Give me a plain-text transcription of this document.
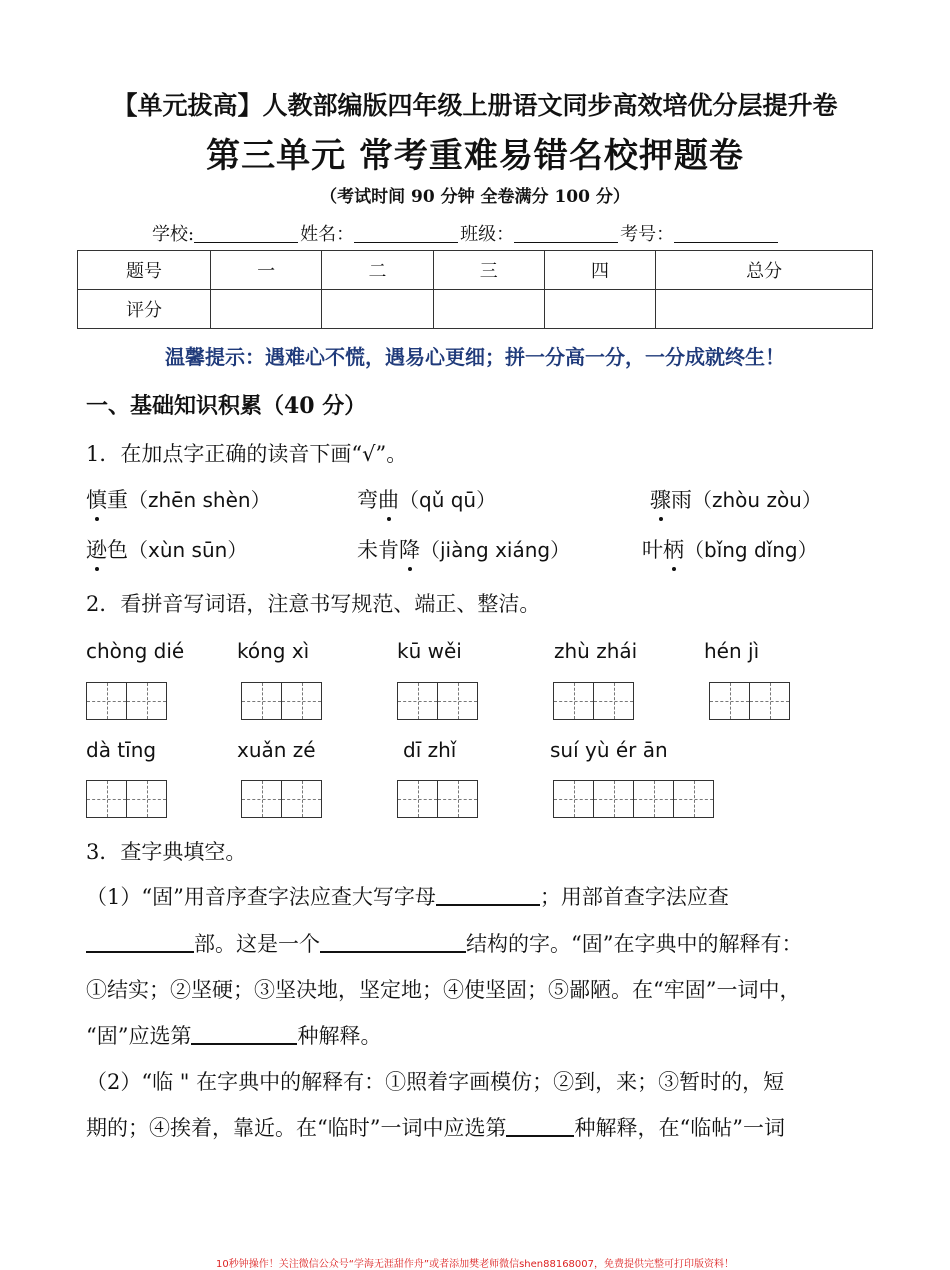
【单元拔高】人教部编版四年级上册语文同步高效培优分层提升卷
第三单元 常考重难易错名校押题卷
（考试时间 90 分钟 全卷满分 100 分）
学校:	姓名：	班级：	考号：
题号	一	二	三	四	总分
评分					
温馨提示：遇难心不慌，遇易心更细；拼一分高一分，一分成就终生！
一、基础知识积累（40 分）
1．在加点字正确的读音下画“√”。
慎重（zhēn shèn）	弯曲（qǔ qū）	骤雨（zhòu zòu）
逊色（xùn sūn）	未肯降（jiàng xiáng）	叶柄（bǐng dǐng）
2．看拼音写词语，注意书写规范、端正、整洁。
chòng dié	kóng xì	kū wěi	zhù zhái	hén jì
dà tīng	xuǎn zé	dī zhǐ	suí yù ér ān
3．查字典填空。
（1）“固”用音序查字法应查大写字母	；用部首查字法应查
部。这是一个	结构的字。“固”在字典中的解释有：
①结实；②坚硬；③坚决地，坚定地；④使坚固；⑤鄙陋。在“牢固”一词中，
“固”应选第	种解释。
（2）“临 " 在字典中的解释有：①照着字画模仿；②到，来；③暂时的，短
期的；④挨着，靠近。在“临时”一词中应选第	种解释，在“临帖”一词
10秒钟操作！关注微信公众号“学海无涯甜作舟”或者添加樊老师微信shen88168007，免费提供完整可打印版资料！
